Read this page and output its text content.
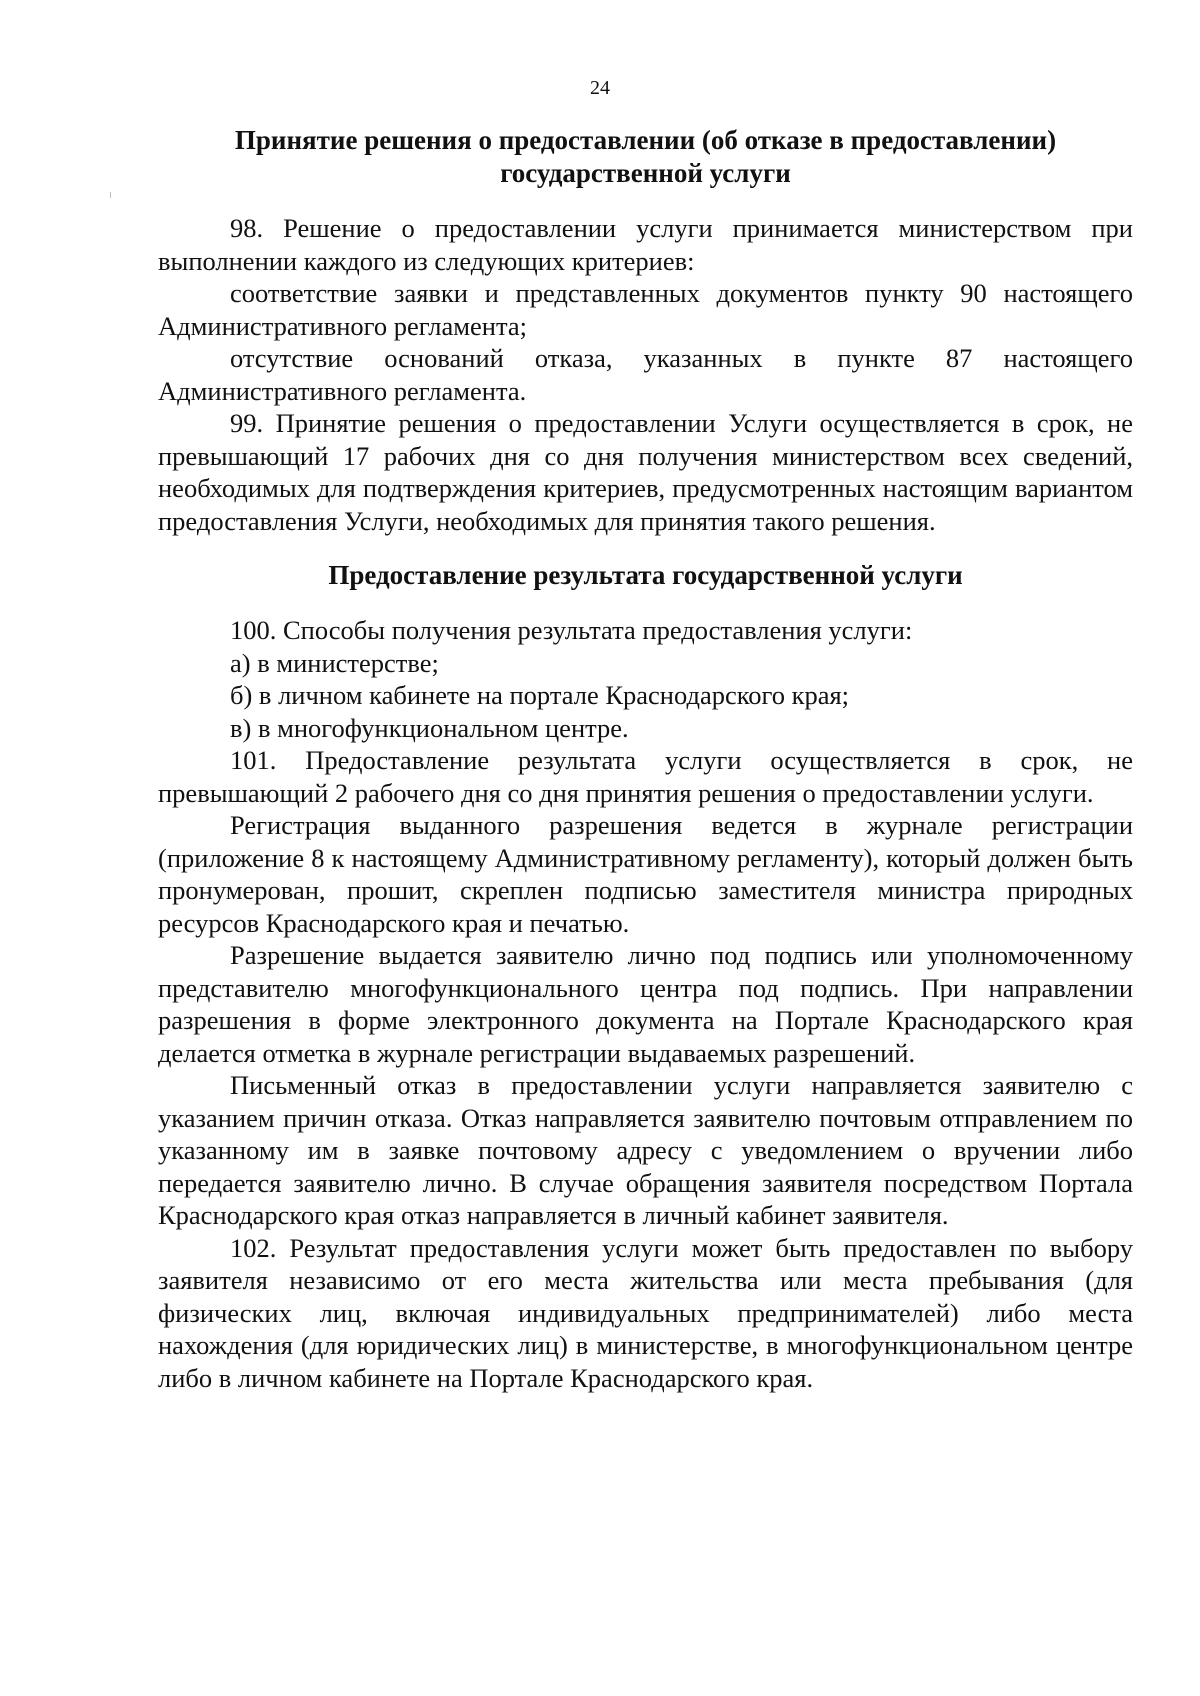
24
Принятие решения о предоставлении (об отказе в предоставлении) государственной услуги

98. Решение о предоставлении услуги принимается министерством при выполнении каждого из следующих критериев:

соответствие заявки и представленных документов пункту 90 настоящего Административного регламента;

отсутствие оснований отказа, указанных в пункте 87 настоящего Административного регламента.

99. Принятие решения о предоставлении Услуги осуществляется в срок, не превышающий 17 рабочих дня со дня получения министерством всех сведений, необходимых для подтверждения критериев, предусмотренных настоящим вариантом предоставления Услуги, необходимых для принятия такого решения.

Предоставление результата государственной услуги

100. Способы получения результата предоставления услуги:

а) в министерстве;

б) в личном кабинете на портале Краснодарского края;

в) в многофункциональном центре.

101. Предоставление результата услуги осуществляется в срок, не превышающий 2 рабочего дня со дня принятия решения о предоставлении услуги.

Регистрация выданного разрешения ведется в журнале регистрации (приложение 8 к настоящему Административному регламенту), который должен быть пронумерован, прошит, скреплен подписью заместителя министра природных ресурсов Краснодарского края и печатью.

Разрешение выдается заявителю лично под подпись или уполномоченному представителю многофункционального центра под подпись. При направлении разрешения в форме электронного документа на Портале Краснодарского края делается отметка в журнале регистрации выдаваемых разрешений.

Письменный отказ в предоставлении услуги направляется заявителю с указанием причин отказа. Отказ направляется заявителю почтовым отправлением по указанному им в заявке почтовому адресу с уведомлением о вручении либо передается заявителю лично. В случае обращения заявителя посредством Портала Краснодарского края отказ направляется в личный кабинет заявителя.

102. Результат предоставления услуги может быть предоставлен по выбору заявителя независимо от его места жительства или места пребывания (для физических лиц, включая индивидуальных предпринимателей) либо места нахождения (для юридических лиц) в министерстве, в многофункциональном центре либо в личном кабинете на Портале Краснодарского края.
